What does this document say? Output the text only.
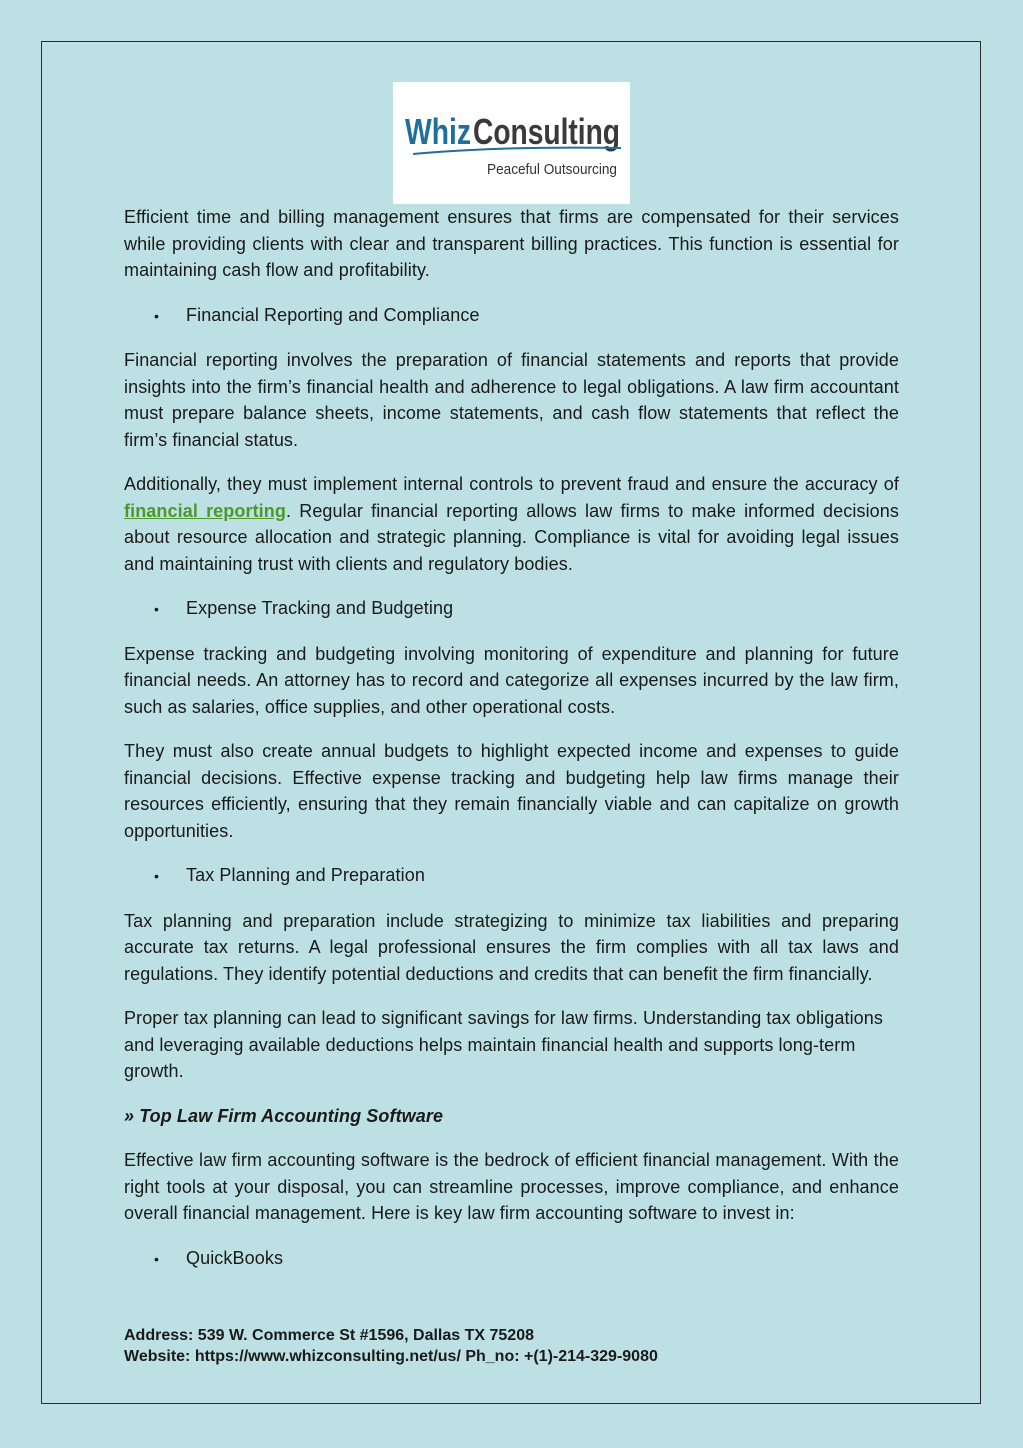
Whiz Consulting
Peaceful Outsourcing

Efficient time and billing management ensures that firms are compensated for their services while providing clients with clear and transparent billing practices. This function is essential for maintaining cash flow and profitability.

•	Financial Reporting and Compliance

Financial reporting involves the preparation of financial statements and reports that provide insights into the firm’s financial health and adherence to legal obligations. A law firm accountant must prepare balance sheets, income statements, and cash flow statements that reflect the firm’s financial status.

Additionally, they must implement internal controls to prevent fraud and ensure the accuracy of financial reporting. Regular financial reporting allows law firms to make informed decisions about resource allocation and strategic planning. Compliance is vital for avoiding legal issues and maintaining trust with clients and regulatory bodies.

•	Expense Tracking and Budgeting

Expense tracking and budgeting involving monitoring of expenditure and planning for future financial needs. An attorney has to record and categorize all expenses incurred by the law firm, such as salaries, office supplies, and other operational costs.

They must also create annual budgets to highlight expected income and expenses to guide financial decisions. Effective expense tracking and budgeting help law firms manage their resources efficiently, ensuring that they remain financially viable and can capitalize on growth opportunities.

•	Tax Planning and Preparation

Tax planning and preparation include strategizing to minimize tax liabilities and preparing accurate tax returns. A legal professional ensures the firm complies with all tax laws and regulations. They identify potential deductions and credits that can benefit the firm financially.

Proper tax planning can lead to significant savings for law firms. Understanding tax obligations and leveraging available deductions helps maintain financial health and supports long-term growth.

» Top Law Firm Accounting Software

Effective law firm accounting software is the bedrock of efficient financial management. With the right tools at your disposal, you can streamline processes, improve compliance, and enhance overall financial management. Here is key law firm accounting software to invest in:

•	QuickBooks
Address: 539 W. Commerce St #1596, Dallas TX 75208
Website: https://www.whizconsulting.net/us/ Ph_no: +(1)-214-329-9080
